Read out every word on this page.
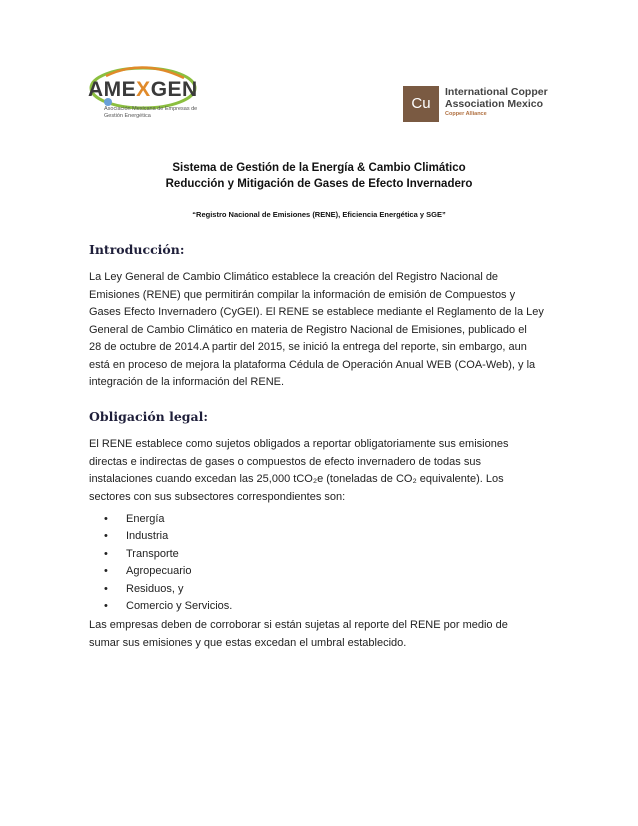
AMEXGEN
Asociación Mexicana de Empresas de Gestión Energética
Cu
International Copper Association Mexico
Copper Alliance
Sistema de Gestión de la Energía & Cambio Climático
Reducción y Mitigación de Gases de Efecto Invernadero
“Registro Nacional de Emisiones (RENE), Eficiencia Energética y SGE”
Introducción:
La Ley General de Cambio Climático establece la creación del Registro Nacional de
Emisiones (RENE) que permitirán compilar la información de emisión de Compuestos y
Gases Efecto Invernadero (CyGEI). El RENE se establece mediante el Reglamento de la Ley
General de Cambio Climático en materia de Registro Nacional de Emisiones, publicado el
28 de octubre de 2014.A partir del 2015, se inició la entrega del reporte, sin embargo, aun
está en proceso de mejora la plataforma Cédula de Operación Anual WEB (COA-Web), y la
integración de la información del RENE.
Obligación legal:
El RENE establece como sujetos obligados a reportar obligatoriamente sus emisiones
directas e indirectas de gases o compuestos de efecto invernadero de todas sus
instalaciones cuando excedan las 25,000 tCO₂e (toneladas de CO₂ equivalente). Los
sectores con sus subsectores correspondientes son:
• Energía
• Industria
• Transporte
• Agropecuario
• Residuos, y
• Comercio y Servicios.
Las empresas deben de corroborar si están sujetas al reporte del RENE por medio de
sumar sus emisiones y que estas excedan el umbral establecido.
